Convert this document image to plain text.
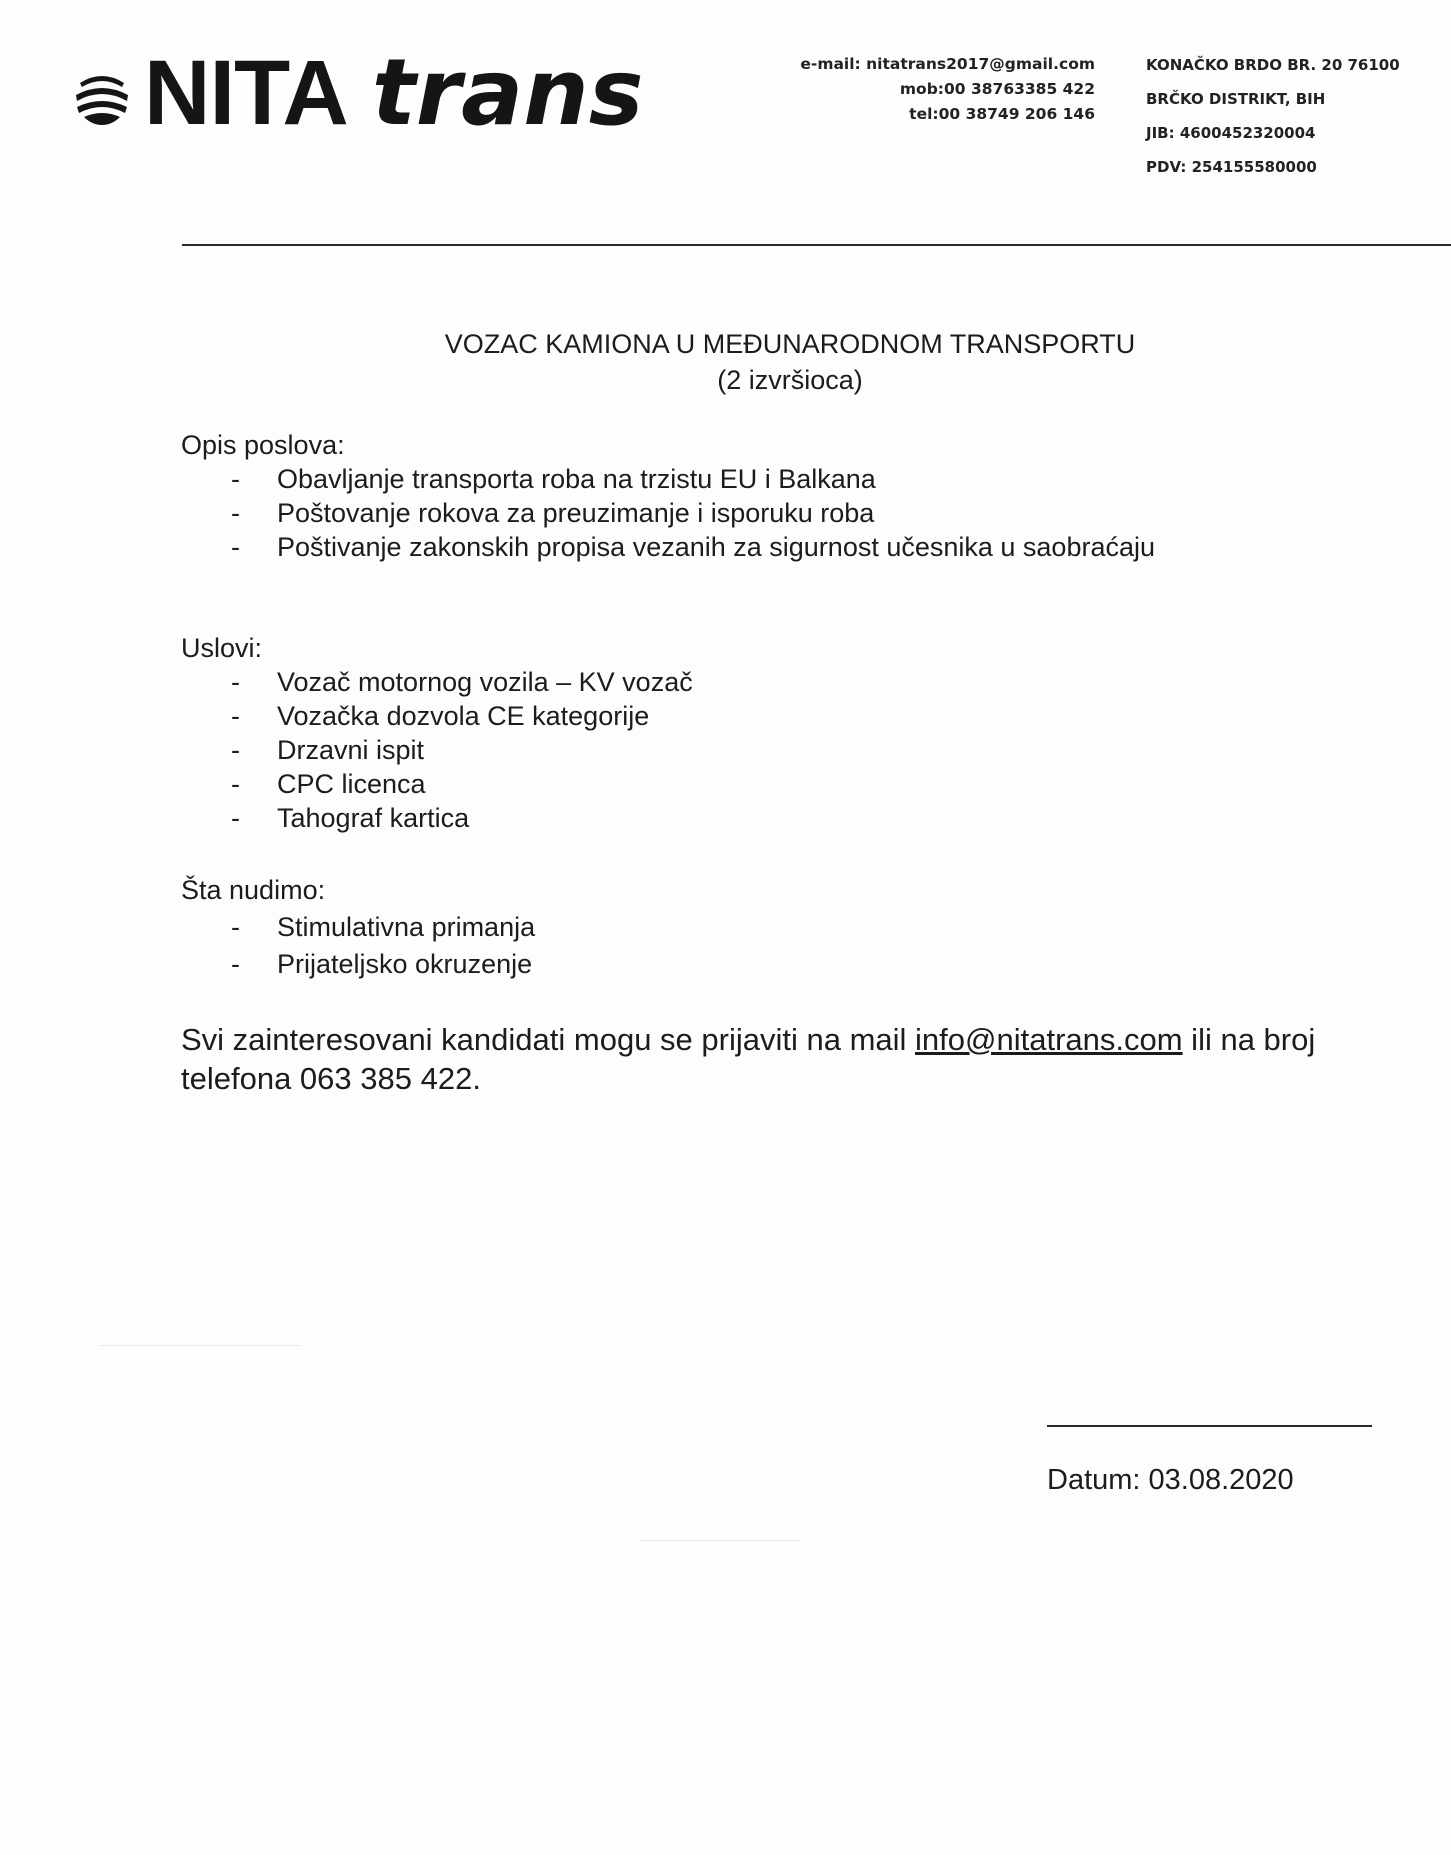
NITA trans	e-mail: nitatrans2017@gmail.com
mob:00 38763385 422
tel:00 38749 206 146
KONAČKO BRDO BR. 20 76100
BRČKO DISTRIKT, BIH
JIB: 4600452320004
PDV: 254155580000
VOZAC KAMIONA U MEĐUNARODNOM TRANSPORTU
(2 izvršioca)
Opis poslova:
- Obavljanje transporta roba na trzistu EU i Balkana
- Poštovanje rokova za preuzimanje i isporuku roba
- Poštivanje zakonskih propisa vezanih za sigurnost učesnika u saobraćaju
Uslovi:
- Vozač motornog vozila – KV vozač
- Vozačka dozvola CE kategorije
- Drzavni ispit
- CPC licenca
- Tahograf kartica
Šta nudimo:
- Stimulativna primanja
- Prijateljsko okruzenje
Svi zainteresovani kandidati mogu se prijaviti na mail info@nitatrans.com ili na broj telefona 063 385 422.
Datum: 03.08.2020
